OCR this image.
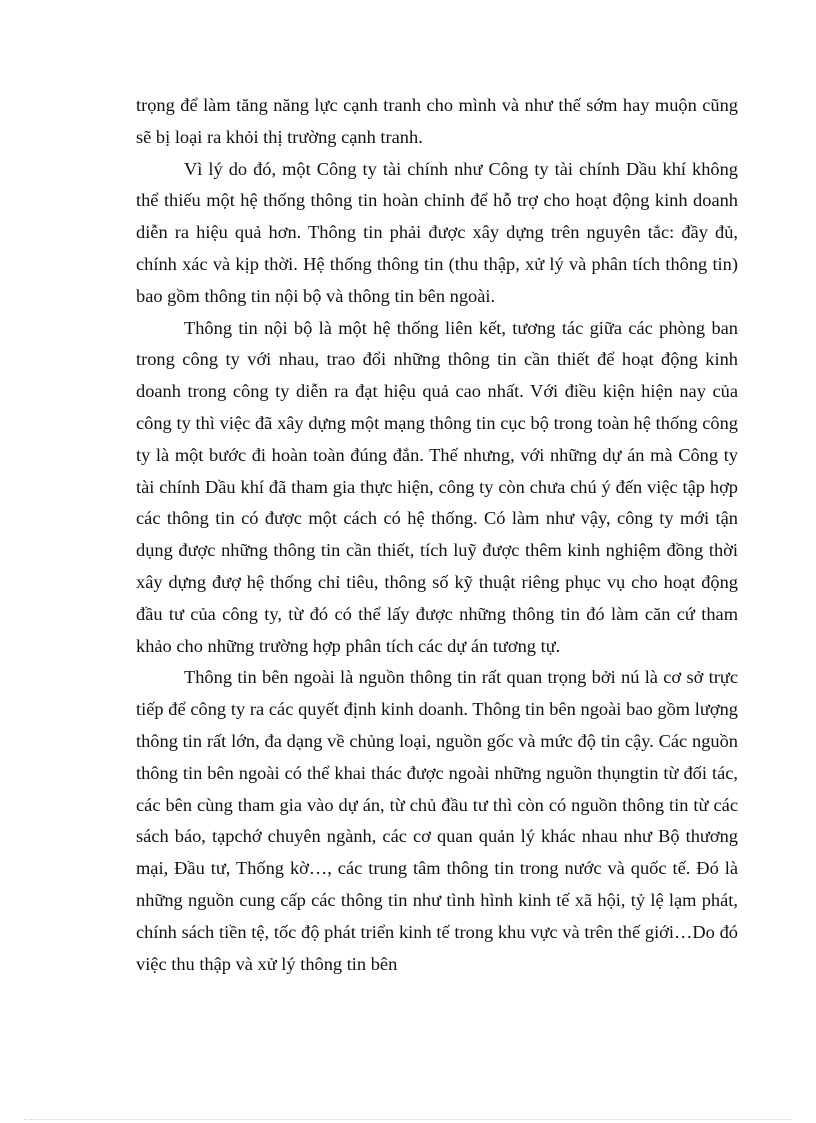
trọng để làm tăng năng lực cạnh tranh cho mình và như thế sớm hay muộn cũng sẽ bị loại ra khỏi thị trường cạnh tranh.

Vì lý do đó, một Công ty tài chính như Công ty tài chính Dầu khí không thể thiếu một hệ thống thông tin hoàn chỉnh để hỗ trợ cho hoạt động kinh doanh diễn ra hiệu quả hơn. Thông tin phải được xây dựng trên nguyên tắc: đầy đủ, chính xác và kịp thời. Hệ thống thông tin (thu thập, xử lý và phân tích thông tin) bao gồm thông tin nội bộ và thông tin bên ngoài.

Thông tin nội bộ là một hệ thống liên kết, tương tác giữa các phòng ban trong công ty với nhau, trao đổi những thông tin cần thiết để hoạt động kinh doanh trong công ty diễn ra đạt hiệu quả cao nhất. Với điều kiện hiện nay của công ty thì việc đã xây dựng một mạng thông tin cục bộ trong toàn hệ thống công ty là một bước đi hoàn toàn đúng đắn. Thế nhưng, với những dự án mà Công ty tài chính Dầu khí đã tham gia thực hiện, công ty còn chưa chú ý đến việc tập hợp các thông tin có được một cách có hệ thống. Có làm như vậy, công ty mới tận dụng được những thông tin cần thiết, tích luỹ được thêm kinh nghiệm đồng thời xây dựng đượ hệ thống chỉ tiêu, thông số kỹ thuật riêng phục vụ cho hoạt động đầu tư của công ty, từ đó có thể lấy được những thông tin đó làm căn cứ tham khảo cho những trường hợp phân tích các dự án tương tự.

Thông tin bên ngoài là nguồn thông tin rất quan trọng bởi nú là cơ sở trực tiếp để công ty ra các quyết định kinh doanh. Thông tin bên ngoài bao gồm lượng thông tin rất lớn, đa dạng về chủng loại, nguồn gốc và mức độ tin cậy. Các nguồn thông tin bên ngoài có thể khai thác được ngoài những nguồn thụngtin từ đối tác, các bên cùng tham gia vào dự án, từ chủ đầu tư thì còn có nguồn thông tin từ các sách báo, tạpchớ chuyên ngành, các cơ quan quản lý khác nhau như Bộ thương mại, Đầu tư, Thống kờ…, các trung tâm thông tin trong nước và quốc tế. Đó là những nguồn cung cấp các thông tin như tình hình kinh tế xã hội, tỷ lệ lạm phát, chính sách tiền tệ, tốc độ phát triển kinh tế trong khu vực và trên thế giới…Do đó việc thu thập và xử lý thông tin bên
